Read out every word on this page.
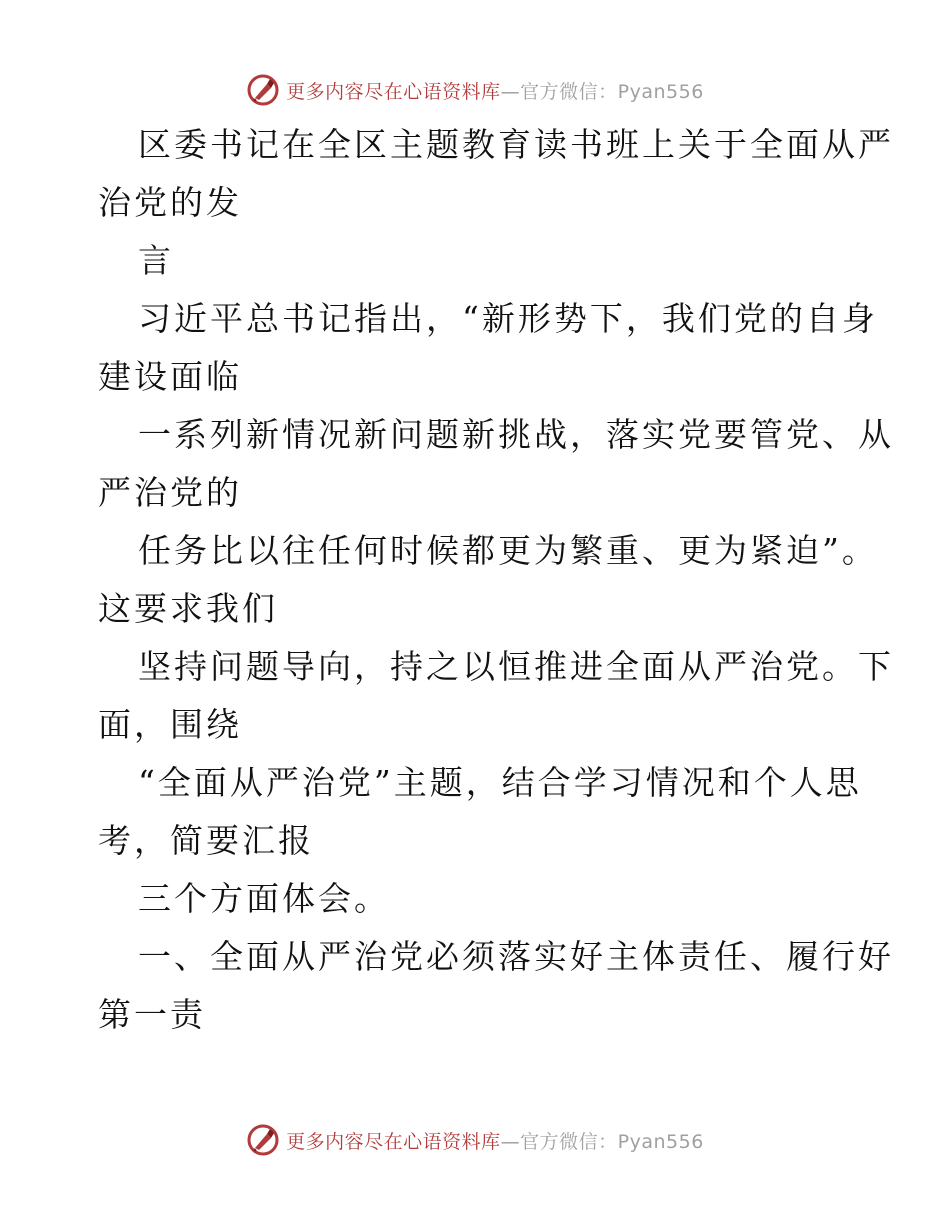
更多内容尽在心语资料库—官方微信：Pyan556
区委书记在全区主题教育读书班上关于全面从严
治党的发
言
习近平总书记指出，“新形势下，我们党的自身
建设面临
一系列新情况新问题新挑战，落实党要管党、从
严治党的
任务比以往任何时候都更为繁重、更为紧迫”。
这要求我们
坚持问题导向，持之以恒推进全面从严治党。下
面，围绕
“全面从严治党”主题，结合学习情况和个人思
考，简要汇报
三个方面体会。
一、全面从严治党必须落实好主体责任、履行好
第一责
更多内容尽在心语资料库—官方微信：Pyan556
